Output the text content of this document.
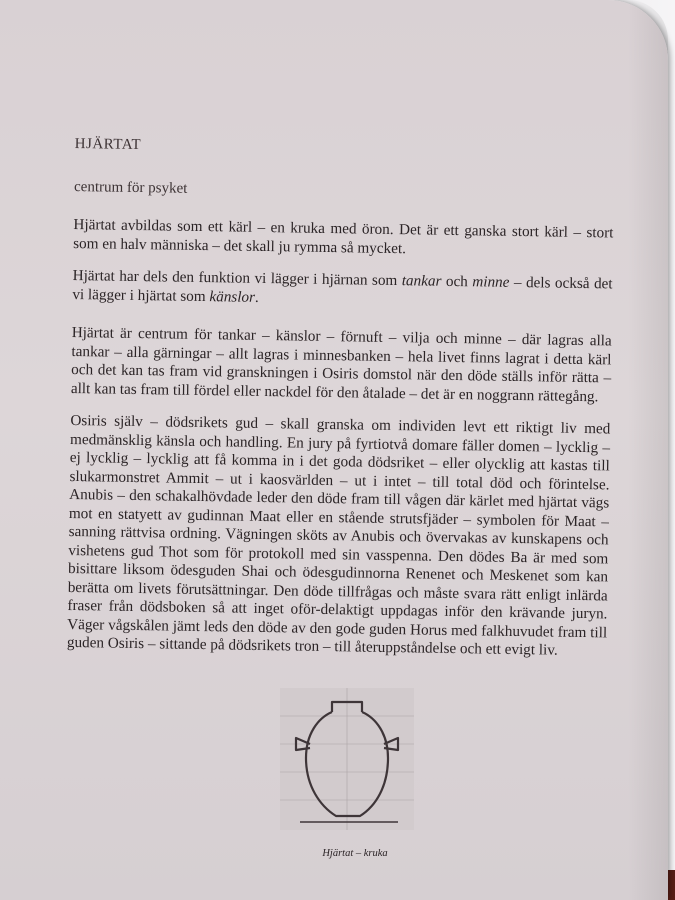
HJÄRTAT
centrum för psyket

Hjärtat avbildas som ett kärl – en kruka med öron. Det är ett ganska stort kärl – stort som en halv människa – det skall ju rymma så mycket.

Hjärtat har dels den funktion vi lägger i hjärnan som tankar och minne – dels också det vi lägger i hjärtat som känslor.

Hjärtat är centrum för tankar – känslor – förnuft – vilja och minne – där lagras alla tankar – alla gärningar – allt lagras i minnesbanken – hela livet finns lagrat i detta kärl och det kan tas fram vid granskningen i Osiris domstol när den döde ställs inför rätta – allt kan tas fram till fördel eller nackdel för den åtalade – det är en noggrann rättegång.

Osiris själv – dödsrikets gud – skall granska om individen levt ett riktigt liv med medmänsklig känsla och handling. En jury på fyrtiotvå domare fäller domen – lycklig – ej lycklig – lycklig att få komma in i det goda dödsriket – eller olycklig att kastas till slukarmonstret Ammit – ut i kaosvärlden – ut i intet – till total död och förintelse. Anubis – den schakalhövdade leder den döde fram till vågen där kärlet med hjärtat vägs mot en statyett av gudinnan Maat eller en stående strutsfjäder – symbolen för Maat – sanning rättvisa ordning. Vägningen sköts av Anubis och övervakas av kunskapens och vishetens gud Thot som för protokoll med sin vasspenna. Den dödes Ba är med som bisittare liksom ödesguden Shai och ödesgudinnorna Renenet och Meskenet som kan berätta om livets förutsättningar. Den döde tillfrågas och måste svara rätt enligt inlärda fraser från dödsboken så att inget oför-delaktigt uppdagas inför den krävande juryn. Väger vågskålen jämt leds den döde av den gode guden Horus med falkhuvudet fram till guden Osiris – sittande på dödsrikets tron – till återuppståndelse och ett evigt liv.

Hjärtat – kruka
